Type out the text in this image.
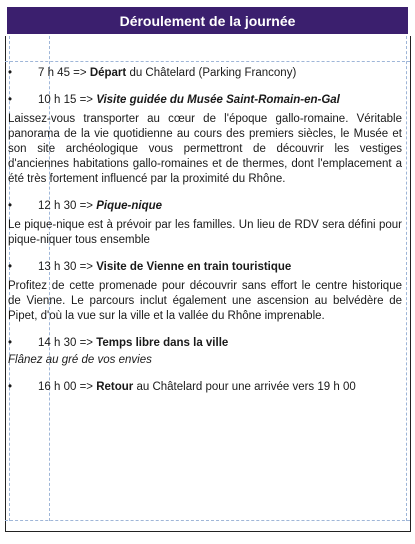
Déroulement de la journée

• 7 h 45 => Départ du Châtelard (Parking Francony)

• 10 h 15 => Visite guidée du Musée Saint-Romain-en-Gal

Laissez-vous transporter au cœur de l'époque gallo-romaine. Véritable panorama de la vie quotidienne au cours des premiers siècles, le Musée et son site archéologique vous permettront de découvrir les vestiges d'anciennes habitations gallo-romaines et de thermes, dont l'emplacement a été très fortement influencé par la proximité du Rhône.

• 12 h 30 => Pique-nique

Le pique-nique est à prévoir par les familles. Un lieu de RDV sera défini pour pique-niquer tous ensemble

• 13 h 30 => Visite de Vienne en train touristique

Profitez de cette promenade pour découvrir sans effort le centre historique de Vienne. Le parcours inclut également une ascension au belvédère de Pipet, d'où la vue sur la ville et la vallée du Rhône imprenable.

• 14 h 30 => Temps libre dans la ville

Flânez au gré de vos envies

• 16 h 00 => Retour au Châtelard pour une arrivée vers 19 h 00
